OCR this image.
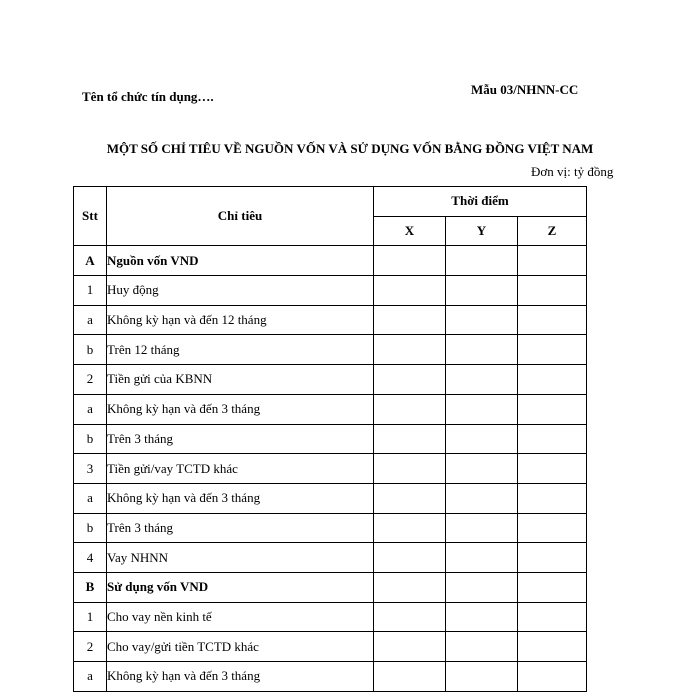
Tên tổ chức tín dụng….	Mẫu 03/NHNN-CC
MỘT SỐ CHỈ TIÊU VỀ NGUỒN VỐN VÀ SỬ DỤNG VỐN BẰNG ĐỒNG VIỆT NAM
Đơn vị: tỷ đồng
Stt	Chỉ tiêu	Thời điểm		
		X	Y	Z
A	Nguồn vốn VND			
1	Huy động			
a	Không kỳ hạn và đến 12 tháng			
b	Trên 12 tháng			
2	Tiền gửi của KBNN			
a	Không kỳ hạn và đến 3 tháng			
b	Trên 3 tháng			
3	Tiền gửi/vay TCTD khác			
a	Không kỳ hạn và đến 3 tháng			
b	Trên 3 tháng			
4	Vay NHNN			
B	Sử dụng vốn VND			
1	Cho vay nền kinh tế			
2	Cho vay/gửi tiền TCTD khác			
a	Không kỳ hạn và đến 3 tháng			
